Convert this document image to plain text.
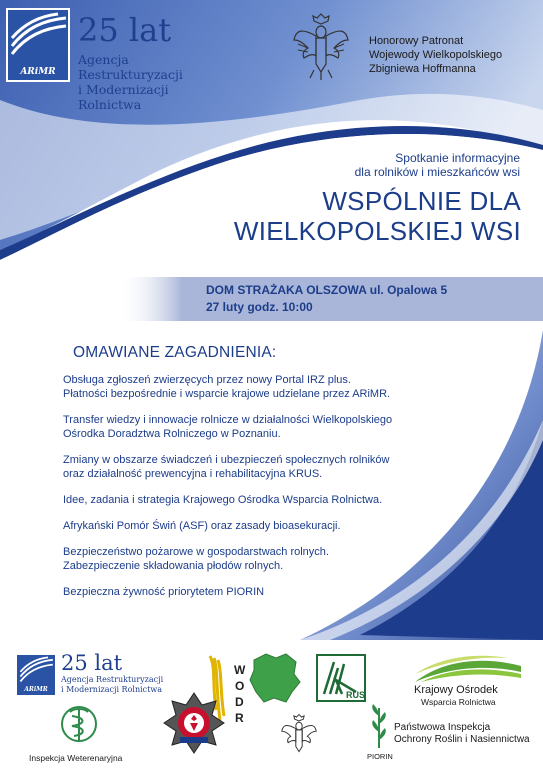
ARiMR
25 lat
Agencja Restrukturyzacji
i Modernizacji Rolnictwa
Honorowy Patronat
Wojewody Wielkopolskiego
Zbigniewa Hoffmanna
Spotkanie informacyjne
dla rolników i mieszkańców wsi
WSPÓLNIE DLA
WIELKOPOLSKIEJ WSI
DOM STRAŻAKA OLSZOWA ul. Opalowa 5
27 luty godz. 10:00
OMAWIANE ZAGADNIENIA:
Obsługa zgłoszeń zwierzęcych przez nowy Portal IRZ plus.
Płatności bezpośrednie i wsparcie krajowe udzielane przez ARiMR.
Transfer wiedzy i innowacje rolnicze w działalności Wielkopolskiego
Ośrodka Doradztwa Rolniczego w Poznaniu.
Zmiany w obszarze świadczeń i ubezpieczeń społecznych rolników
oraz działalność prewencyjna i rehabilitacyjna KRUS.
Idee, zadania i strategia Krajowego Ośrodka Wsparcia Rolnictwa.
Afrykański Pomór Świń (ASF) oraz zasady bioasekuracji.
Bezpieczeństwo pożarowe w gospodarstwach rolnych.
Zabezpieczenie składowania płodów rolnych.
Bezpieczna żywność priorytetem PIORIN
ARiMR
25 lat
Agencja Restrukturyzacji
i Modernizacji Rolnictwa
W
O
D
R
RUS	Krajowy Ośrodek
Wsparcia Rolnictwa
Inspekcja Weterenaryjna	PIORIN
Państwowa Inspekcja
Ochrony Roślin i Nasiennictwa
